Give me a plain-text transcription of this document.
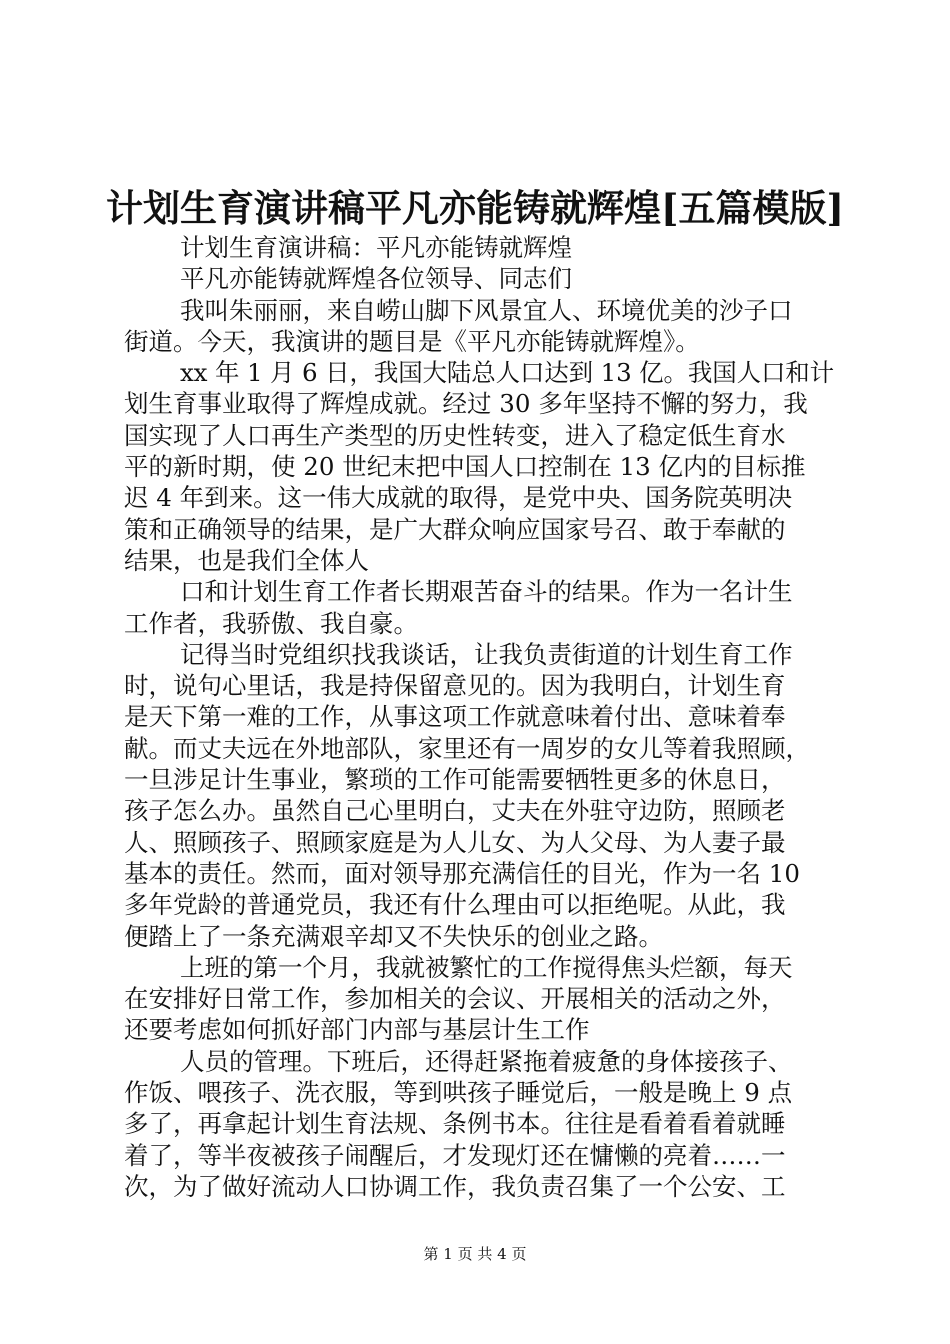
计划生育演讲稿平凡亦能铸就辉煌[五篇模版]
计划生育演讲稿：平凡亦能铸就辉煌
平凡亦能铸就辉煌各位领导、同志们
我叫朱丽丽，来自崂山脚下风景宜人、环境优美的沙子口
街道。今天，我演讲的题目是《平凡亦能铸就辉煌》。
xx 年 1 月 6 日，我国大陆总人口达到 13 亿。我国人口和计
划生育事业取得了辉煌成就。经过 30 多年坚持不懈的努力，我
国实现了人口再生产类型的历史性转变，进入了稳定低生育水
平的新时期，使 20 世纪末把中国人口控制在 13 亿内的目标推
迟 4 年到来。这一伟大成就的取得，是党中央、国务院英明决
策和正确领导的结果，是广大群众响应国家号召、敢于奉献的
结果，也是我们全体人
口和计划生育工作者长期艰苦奋斗的结果。作为一名计生
工作者，我骄傲、我自豪。
记得当时党组织找我谈话，让我负责街道的计划生育工作
时，说句心里话，我是持保留意见的。因为我明白，计划生育
是天下第一难的工作，从事这项工作就意味着付出、意味着奉
献。而丈夫远在外地部队，家里还有一周岁的女儿等着我照顾，
一旦涉足计生事业，繁琐的工作可能需要牺牲更多的休息日，
孩子怎么办。虽然自己心里明白，丈夫在外驻守边防，照顾老
人、照顾孩子、照顾家庭是为人儿女、为人父母、为人妻子最
基本的责任。然而，面对领导那充满信任的目光，作为一名 10
多年党龄的普通党员，我还有什么理由可以拒绝呢。从此，我
便踏上了一条充满艰辛却又不失快乐的创业之路。
上班的第一个月，我就被繁忙的工作搅得焦头烂额，每天
在安排好日常工作，参加相关的会议、开展相关的活动之外，
还要考虑如何抓好部门内部与基层计生工作
人员的管理。下班后，还得赶紧拖着疲惫的身体接孩子、
作饭、喂孩子、洗衣服，等到哄孩子睡觉后，一般是晚上 9 点
多了，再拿起计划生育法规、条例书本。往往是看着看着就睡
着了，等半夜被孩子闹醒后，才发现灯还在慵懒的亮着……一
次，为了做好流动人口协调工作，我负责召集了一个公安、工
第 1 页 共 4 页
